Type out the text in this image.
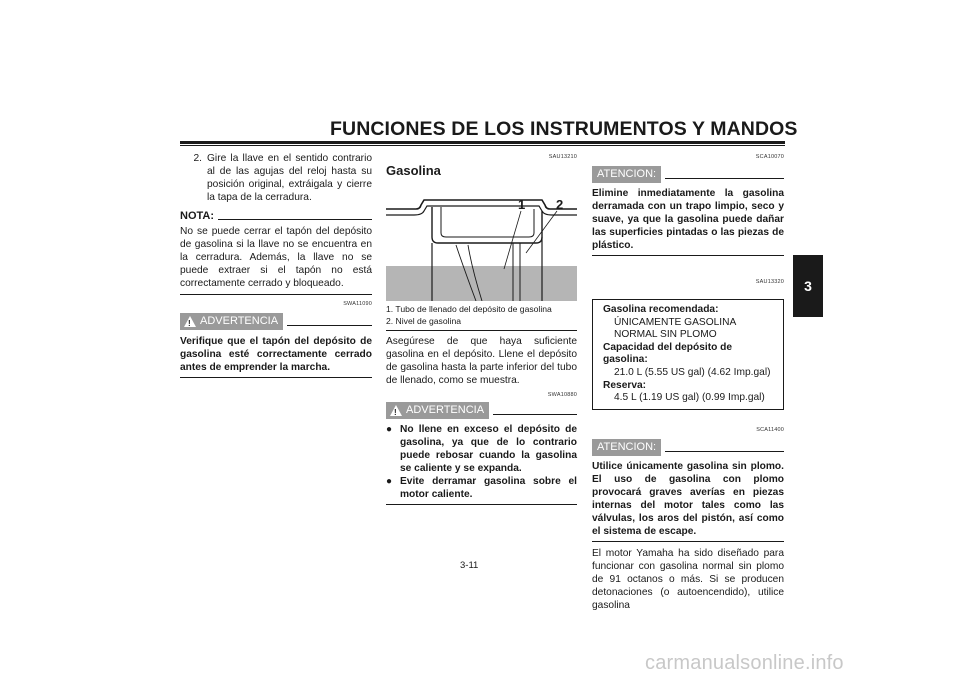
FUNCIONES DE LOS INSTRUMENTOS Y MANDOS
3
2. Gire la llave en el sentido contrario al de las agujas del reloj hasta su posición original, extráigala y cierre la tapa de la cerradura.
NOTA:

No se puede cerrar el tapón del depósito de gasolina si la llave no se encuentra en la cerradura. Además, la llave no se puede extraer si el tapón no está correctamente cerrado y bloqueado.

SWA11090
!
ADVERTENCIA

Verifique que el tapón del depósito de gasolina esté correctamente cerrado antes de emprender la marcha.

SAU13210

Gasolina

1 2
1. Tubo de llenado del depósito de gasolina
2. Nivel de gasolina

Asegúrese de que haya suficiente gasolina en el depósito. Llene el depósito de gasolina hasta la parte inferior del tubo de llenado, como se muestra.

SWA10880
!
ADVERTENCIA
● No llene en exceso el depósito de gasolina, ya que de lo contrario puede rebosar cuando la gasolina se caliente y se expanda.
● Evite derramar gasolina sobre el motor caliente.
SCA10070
ATENCION:

Elimine inmediatamente la gasolina derramada con un trapo limpio, seco y suave, ya que la gasolina puede dañar las superficies pintadas o las piezas de plástico.

SAU13320
Gasolina recomendada:
ÚNICAMENTE GASOLINA NORMAL SIN PLOMO
Capacidad del depósito de gasolina:
21.0 L (5.55 US gal) (4.62 Imp.gal)
Reserva:
4.5 L (1.19 US gal) (0.99 Imp.gal)
SCA11400
ATENCION:

Utilice únicamente gasolina sin plomo. El uso de gasolina con plomo provocará graves averías en piezas internas del motor tales como las válvulas, los aros del pistón, así como el sistema de escape.

El motor Yamaha ha sido diseñado para funcionar con gasolina normal sin plomo de 91 octanos o más. Si se producen detonaciones (o autoencendido), utilice gasolina

3-11
carmanualsonline.info
